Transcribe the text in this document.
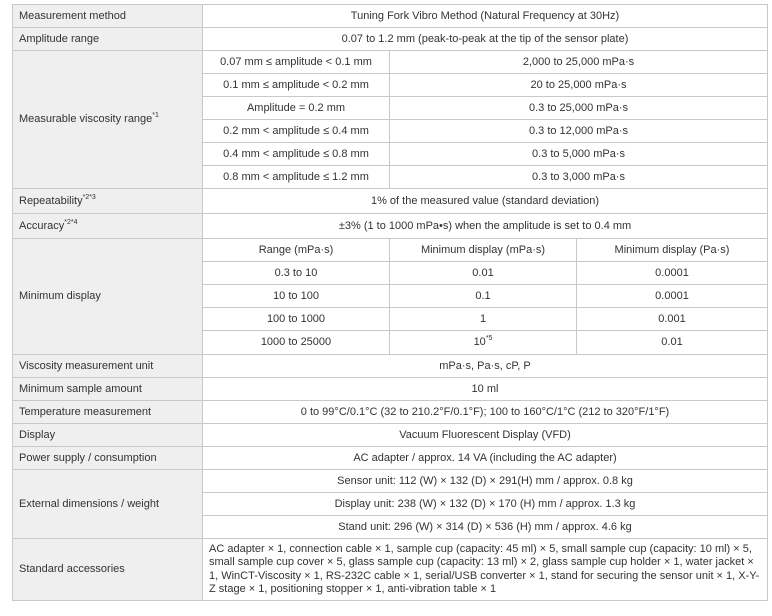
Measurement method	Tuning Fork Vibro Method (Natural Frequency at 30Hz)		
Amplitude range	0.07 to 1.2 mm (peak-to-peak at the tip of the sensor plate)		
Measurable viscosity range$^{*1}$	0.07 mm ≤ amplitude < 0.1 mm	2,000 to 25,000 mPa·s	
	0.1 mm ≤ amplitude < 0.2 mm	20 to 25,000 mPa·s	
	Amplitude = 0.2 mm	0.3 to 25,000 mPa·s	
	0.2 mm < amplitude ≤ 0.4 mm	0.3 to 12,000 mPa·s	
	0.4 mm < amplitude ≤ 0.8 mm	0.3 to 5,000 mPa·s	
	0.8 mm < amplitude ≤ 1.2 mm	0.3 to 3,000 mPa·s	
Repeatability$^{*2*3}$	1% of the measured value (standard deviation)		
Accuracy$^{*2*4}$	±3% (1 to 1000 mPa•s) when the amplitude is set to 0.4 mm		
Minimum display	Range (mPa·s)	Minimum display (mPa·s)	Minimum display (Pa·s)
	0.3 to 10	0.01	0.0001
	10 to 100	0.1	0.0001
	100 to 1000	1	0.001
	1000 to 25000	10$^{*5}$	0.01
Viscosity measurement unit	mPa·s, Pa·s, cP, P		
Minimum sample amount	10 ml		
Temperature measurement	0 to 99°C/0.1°C (32 to 210.2°F/0.1°F); 100 to 160°C/1°C (212 to 320°F/1°F)		
Display	Vacuum Fluorescent Display (VFD)		
Power supply / consumption	AC adapter / approx. 14 VA (including the AC adapter)		
External dimensions / weight	Sensor unit: 112 (W) × 132 (D) × 291(H) mm / approx. 0.8 kg		
	Display unit: 238 (W) × 132 (D) × 170 (H) mm / approx. 1.3 kg		
	Stand unit: 296 (W) × 314 (D) × 536 (H) mm / approx. 4.6 kg		
Standard accessories	AC adapter × 1, connection cable × 1, sample cup (capacity: 45 ml) × 5, small sample cup (capacity: 10 ml) × 5, small sample cup cover × 5, glass sample cup (capacity: 13 ml) × 2, glass sample cup holder × 1, water jacket × 1, WinCT-Viscosity × 1, RS-232C cable × 1, serial/USB converter × 1, stand for securing the sensor unit × 1, X-Y-Z stage × 1, positioning stopper × 1, anti-vibration table × 1		
